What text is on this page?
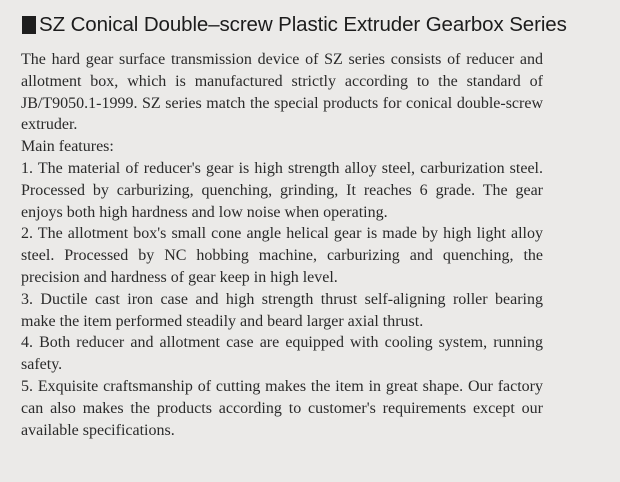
SZ Conical Double–screw Plastic Extruder Gearbox Series

The hard gear surface transmission device of SZ series consists of reducer and allotment box, which is manufactured strictly according to the standard of JB/T9050.1-1999. SZ series match the special products for conical double-screw extruder.

Main features:

1. The material of reducer's gear is high strength alloy steel, carburization steel. Processed by carburizing, quenching, grinding, It reaches 6 grade. The gear enjoys both high hardness and low noise when operating.

2. The allotment box's small cone angle helical gear is made by high light alloy steel. Processed by NC hobbing machine, carburizing and quenching, the precision and hardness of gear keep in high level.

3. Ductile cast iron case and high strength thrust self-aligning roller bearing make the item performed steadily and beard larger axial thrust.

4. Both reducer and allotment case are equipped with cooling system, running safety.

5. Exquisite craftsmanship of cutting makes the item in great shape. Our factory can also makes the products according to customer's requirements except our available specifications.
